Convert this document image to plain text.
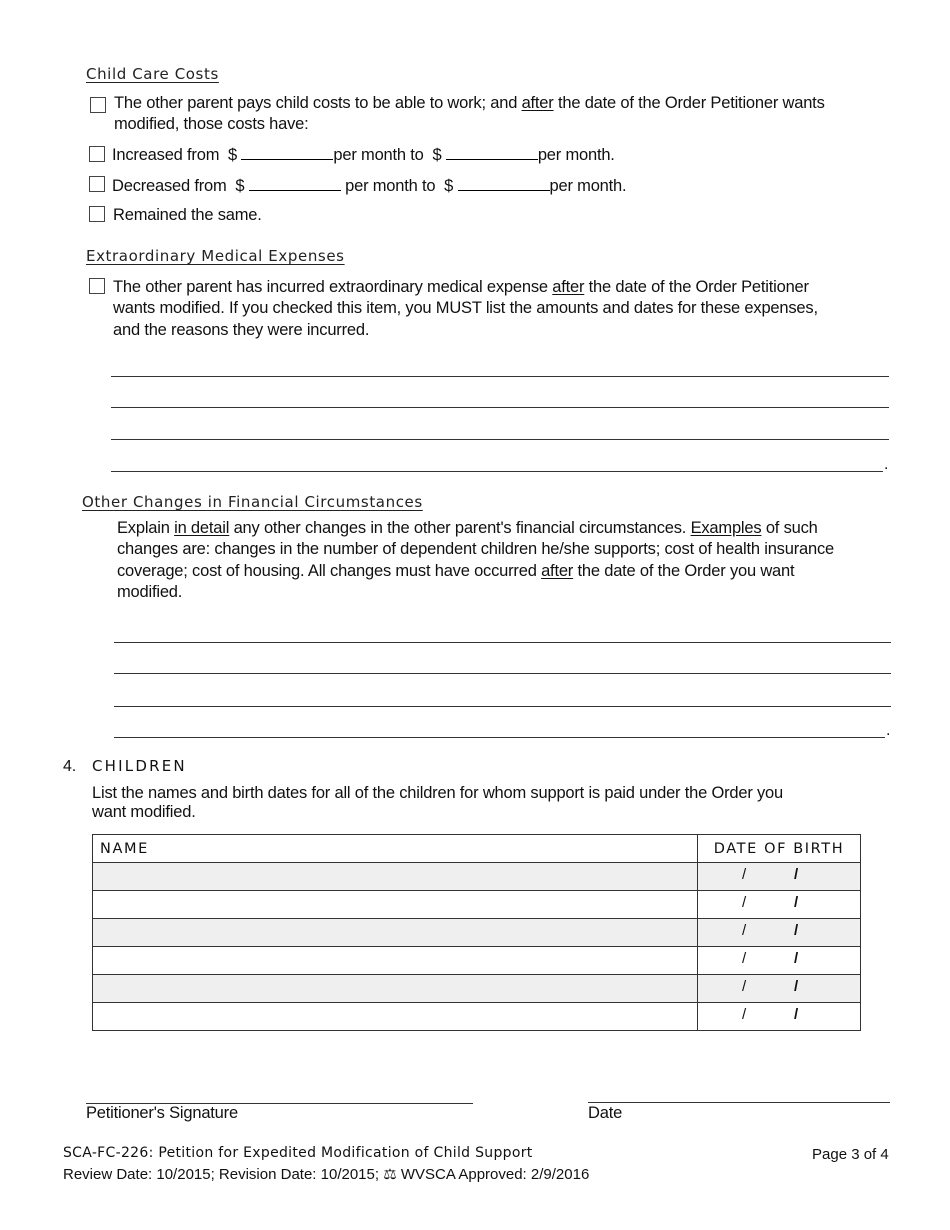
Child Care Costs
The other parent pays child costs to be able to work; and after the date of the Order Petitioner wants
modified, those costs have:
Increased from $	per month to $	per month.
Decreased from $	per month to $	per month.
Remained the same.
Extraordinary Medical Expenses
The other parent has incurred extraordinary medical expense after the date of the Order Petitioner
wants modified. If you checked this item, you MUST list the amounts and dates for these expenses,
and the reasons they were incurred.
.
Other Changes in Financial Circumstances
Explain in detail any other changes in the other parent's financial circumstances. Examples of such
changes are: changes in the number of dependent children he/she supports; cost of health insurance
coverage; cost of housing. All changes must have occurred after the date of the Order you want
modified.
.
4. CHILDREN
List the names and birth dates for all of the children for whom support is paid under the Order you
want modified.
NAME	DATE OF BIRTH

	/ /

	/ /

	/ /

	/ /

	/ /

	/ /
Petitioner's Signature	Date
SCA-FC-226: Petition for Expedited Modification of Child Support
Review Date: 10/2015; Revision Date: 10/2015; ⚖ WVSCA Approved: 2/9/2016
Page 3 of 4
